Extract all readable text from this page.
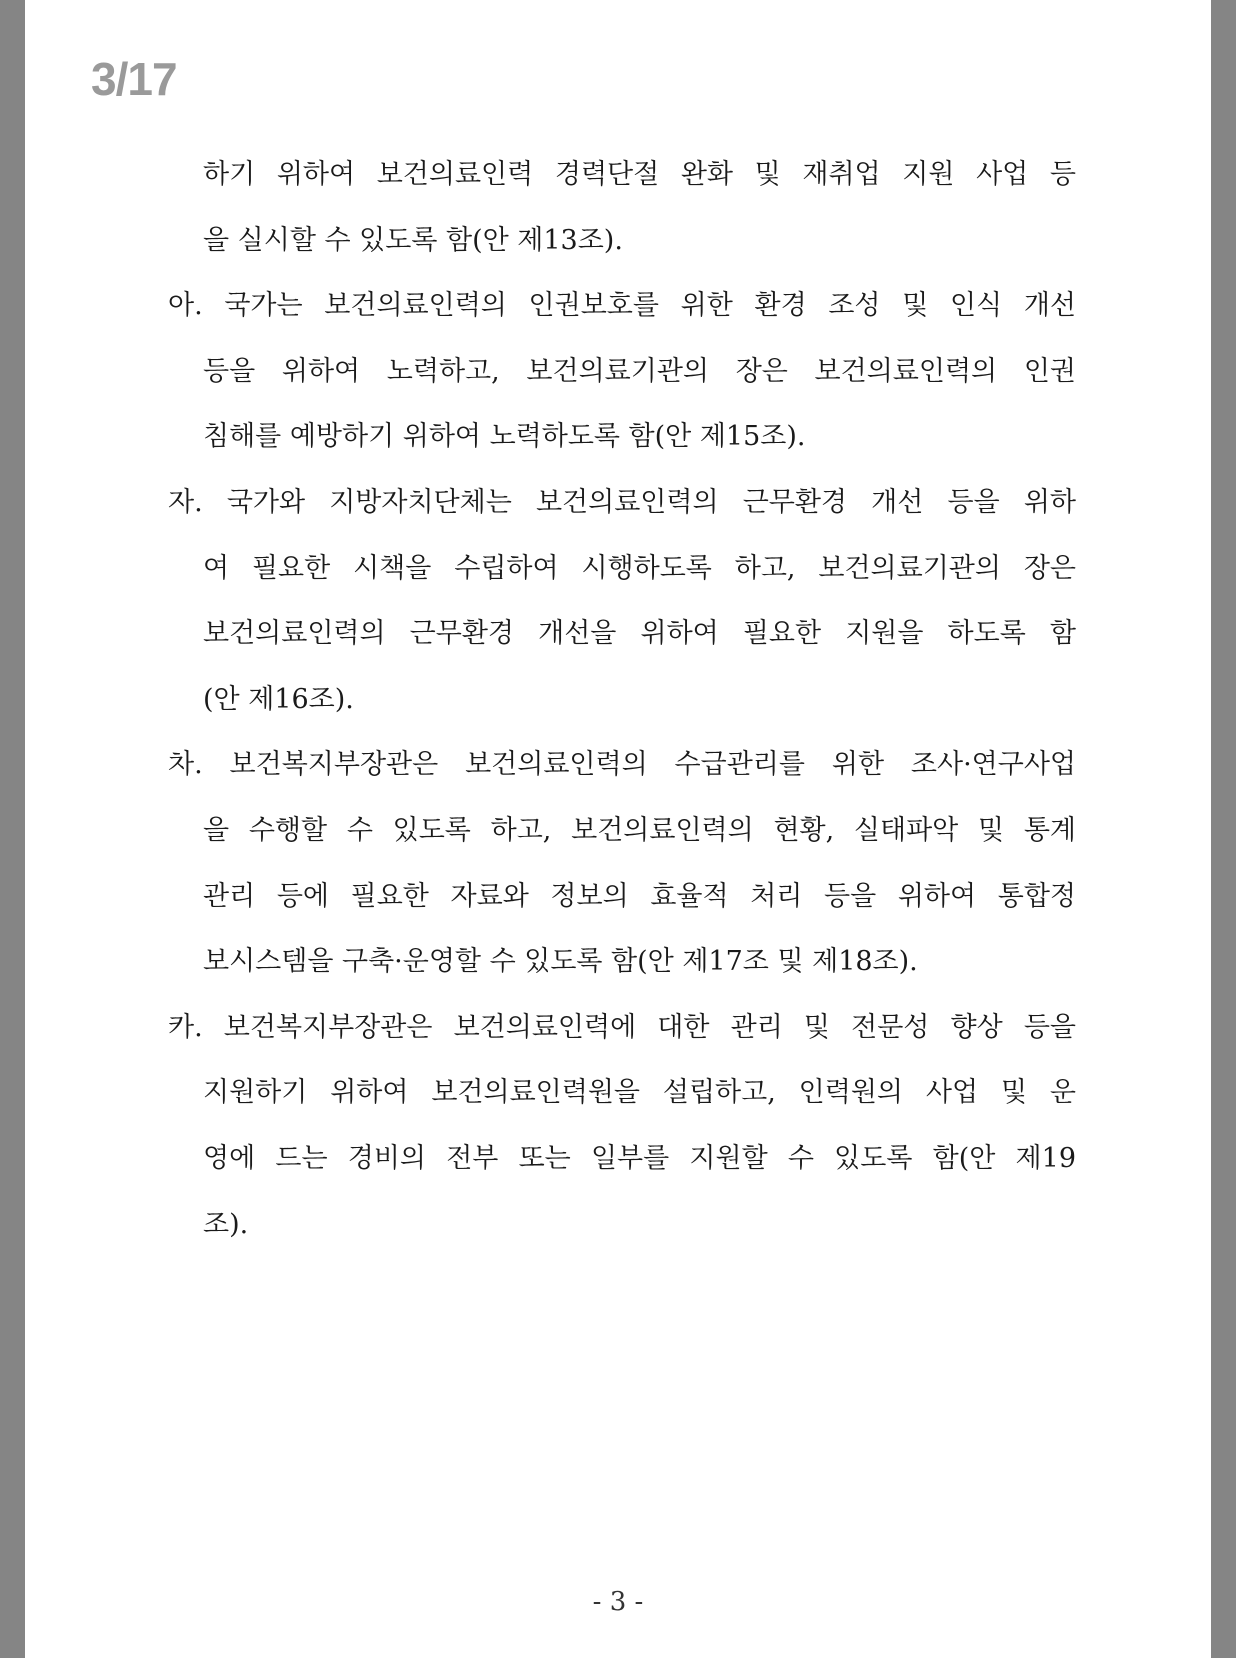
3/17
하기 위하여 보건의료인력 경력단절 완화 및 재취업 지원 사업 등
을 실시할 수 있도록 함(안 제13조).
아. 국가는 보건의료인력의 인권보호를 위한 환경 조성 및 인식 개선
등을 위하여 노력하고, 보건의료기관의 장은 보건의료인력의 인권
침해를 예방하기 위하여 노력하도록 함(안 제15조).
자. 국가와 지방자치단체는 보건의료인력의 근무환경 개선 등을 위하
여 필요한 시책을 수립하여 시행하도록 하고, 보건의료기관의 장은
보건의료인력의 근무환경 개선을 위하여 필요한 지원을 하도록 함
(안 제16조).
차. 보건복지부장관은 보건의료인력의 수급관리를 위한 조사·연구사업
을 수행할 수 있도록 하고, 보건의료인력의 현황, 실태파악 및 통계
관리 등에 필요한 자료와 정보의 효율적 처리 등을 위하여 통합정
보시스템을 구축·운영할 수 있도록 함(안 제17조 및 제18조).
카. 보건복지부장관은 보건의료인력에 대한 관리 및 전문성 향상 등을
지원하기 위하여 보건의료인력원을 설립하고, 인력원의 사업 및 운
영에 드는 경비의 전부 또는 일부를 지원할 수 있도록 함(안 제19
조).
- 3 -
